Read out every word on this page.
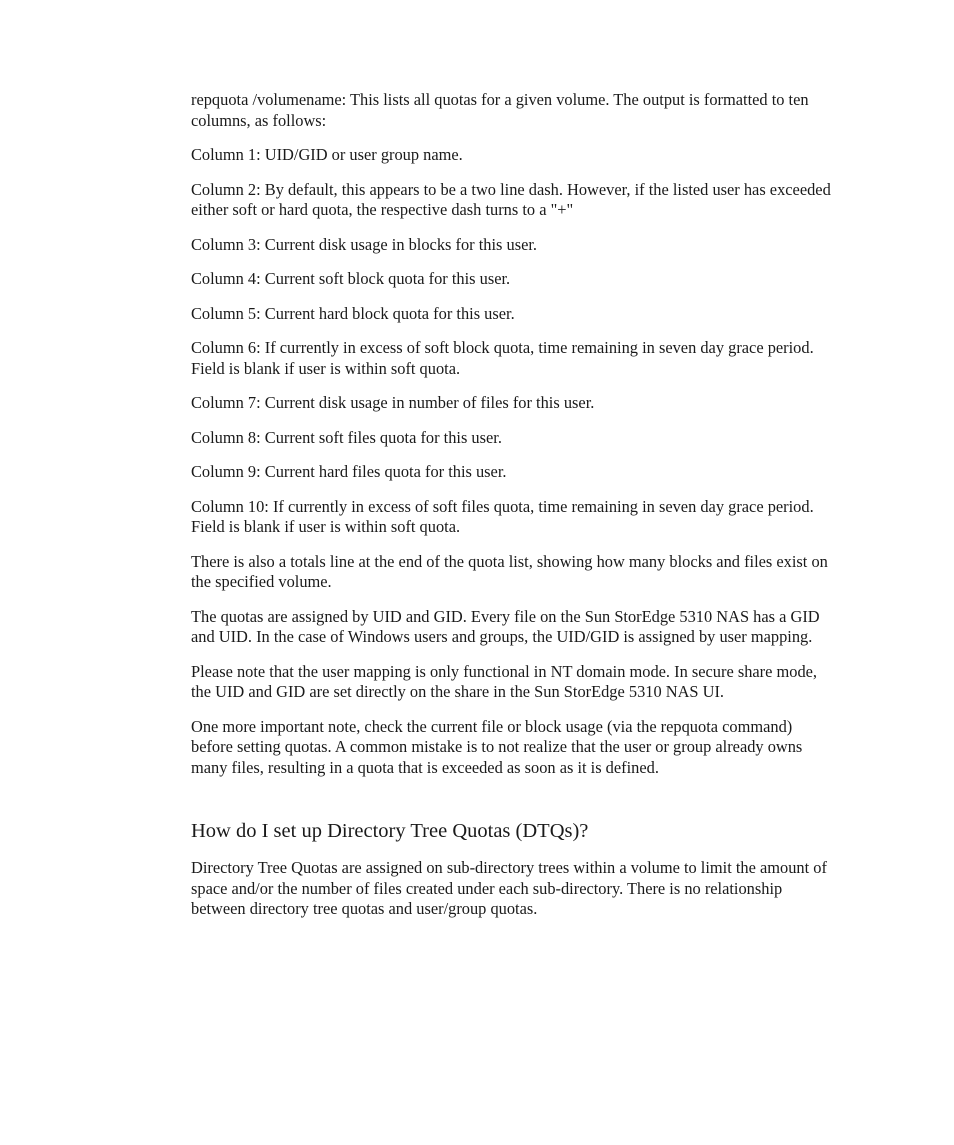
repquota /volumename: This lists all quotas for a given volume. The output is formatted to ten columns, as follows:

Column 1: UID/GID or user group name.

Column 2: By default, this appears to be a two line dash. However, if the listed user has exceeded either soft or hard quota, the respective dash turns to a "+"

Column 3: Current disk usage in blocks for this user.

Column 4: Current soft block quota for this user.

Column 5: Current hard block quota for this user.

Column 6: If currently in excess of soft block quota, time remaining in seven day grace period. Field is blank if user is within soft quota.

Column 7: Current disk usage in number of files for this user.

Column 8: Current soft files quota for this user.

Column 9: Current hard files quota for this user.

Column 10: If currently in excess of soft files quota, time remaining in seven day grace period. Field is blank if user is within soft quota.

There is also a totals line at the end of the quota list, showing how many blocks and files exist on the specified volume.

The quotas are assigned by UID and GID. Every file on the Sun StorEdge 5310 NAS has a GID and UID. In the case of Windows users and groups, the UID/GID is assigned by user mapping.

Please note that the user mapping is only functional in NT domain mode. In secure share mode, the UID and GID are set directly on the share in the Sun StorEdge 5310 NAS UI.

One more important note, check the current file or block usage (via the repquota command) before setting quotas. A common mistake is to not realize that the user or group already owns many files, resulting in a quota that is exceeded as soon as it is defined.

How do I set up Directory Tree Quotas (DTQs)?

Directory Tree Quotas are assigned on sub-directory trees within a volume to limit the amount of space and/or the number of files created under each sub-directory. There is no relationship between directory tree quotas and user/group quotas.
